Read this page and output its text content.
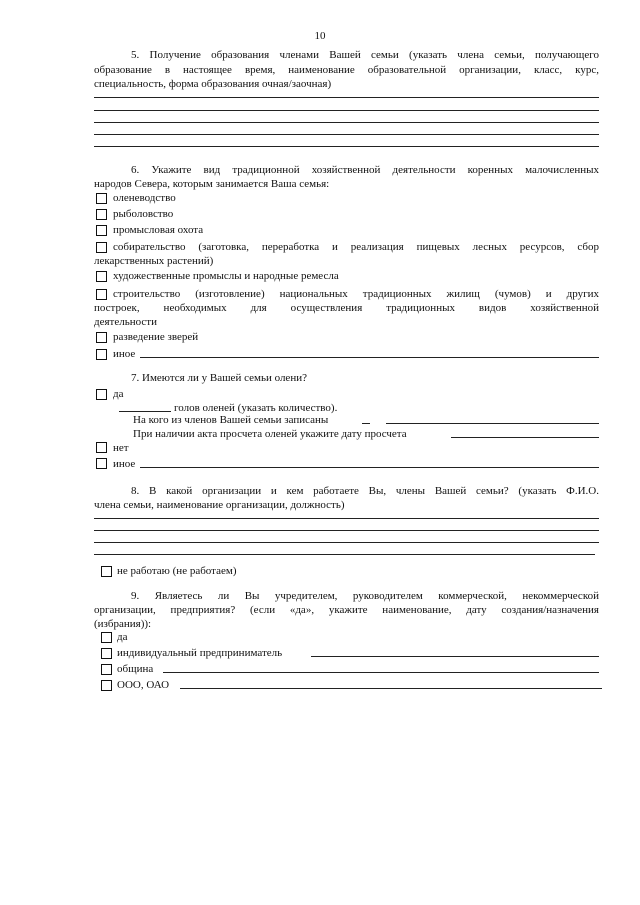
10
5. Получение образования членами Вашей семьи (указать члена семьи, получающего
образование в настоящее время, наименование образовательной организации, класс, курс,
специальность, форма образования очная/заочная)
6. Укажите вид традиционной хозяйственной деятельности коренных малочисленных
народов Севера, которым занимается Ваша семья:
оленеводство
рыболовство
промысловая охота
собирательство (заготовка, переработка и реализация пищевых лесных ресурсов, сбор
лекарственных растений)
художественные промыслы и народные ремесла
строительство (изготовление) национальных традиционных жилищ (чумов) и других
построек, необходимых для осуществления традиционных видов хозяйственной
деятельности
разведение зверей
иное
7. Имеются ли у Вашей семьи олени?
да
голов оленей (указать количество).
На кого из членов Вашей семьи записаны
При наличии акта просчета оленей укажите дату просчета
нет
иное
8. В какой организации и кем работаете Вы, члены Вашей семьи? (указать Ф.И.О.
члена семьи, наименование организации, должность)
не работаю (не работаем)
9. Являетесь ли Вы учредителем, руководителем коммерческой, некоммерческой
организации, предприятия? (если «да», укажите наименование, дату создания/назначения
(избрания)):
да
индивидуальный предприниматель
община
ООО, ОАО
